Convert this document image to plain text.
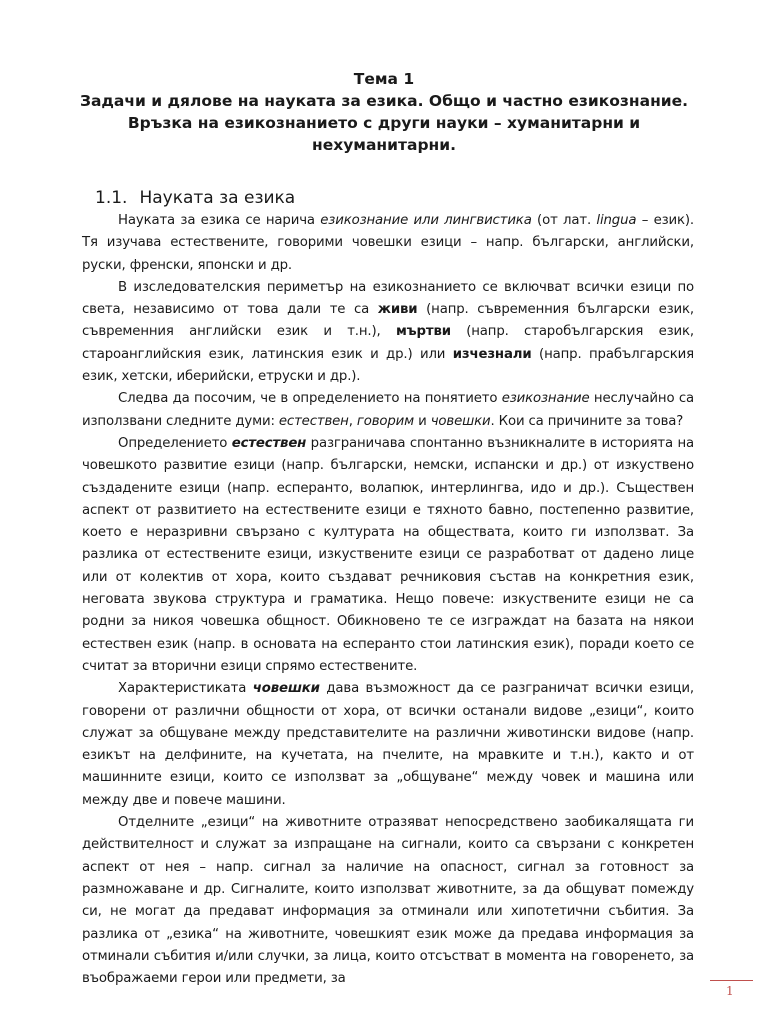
Тема 1
Задачи и дялове на науката за езика. Общо и частно езикознание.
Връзка на езикознанието с други науки – хуманитарни и
нехуманитарни.
1.1. Науката за езика

Науката за езика се нарича езикознание или лингвистика (от лат. lingua – език). Тя изучава естествените, говорими човешки езици – напр. български, английски, руски, френски, японски и др.

В изследователския периметър на езикознанието се включват всички езици по света, независимо от това дали те са живи (напр. съвременния български език, съвременния английски език и т.н.), мъртви (напр. старобългарския език, староанглийския език, латинския език и др.) или изчезнали (напр. прабългарския език, хетски, иберийски, етруски и др.).

Следва да посочим, че в определението на понятието езикознание неслучайно са използвани следните думи: естествен, говорим и човешки. Кои са причините за това?

Определението естествен разграничава спонтанно възникналите в историята на човешкото развитие езици (напр. български, немски, испански и др.) от изкуствено създадените езици (напр. есперанто, волапюк, интерлингва, идо и др.). Съществен аспект от развитието на естествените езици е тяхното бавно, постепенно развитие, което е неразривни свързано с културата на обществата, които ги използват. За разлика от естествените езици, изкуствените езици се разработват от дадено лице или от колектив от хора, които създават речниковия състав на конкретния език, неговата звукова структура и граматика. Нещо повече: изкуствените езици не са родни за никоя човешка общност. Обикновено те се изграждат на базата на някои естествен език (напр. в основата на есперанто стои латинския език), поради което се считат за вторични езици спрямо естествените.

Характеристиката човешки дава възможност да се разграничат всички езици, говорени от различни общности от хора, от всички останали видове „езици“, които служат за общуване между представителите на различни животински видове (напр. езикът на делфините, на кучетата, на пчелите, на мравките и т.н.), както и от машинните езици, които се използват за „общуване“ между човек и машина или между две и повече машини.

Отделните „езици“ на животните отразяват непосредствено заобикалящата ги действителност и служат за изпращане на сигнали, които са свързани с конкретен аспект от нея – напр. сигнал за наличие на опасност, сигнал за готовност за размножаване и др. Сигналите, които използват животните, за да общуват помежду си, не могат да предават информация за отминали или хипотетични събития. За разлика от „езика“ на животните, човешкият език може да предава информация за отминали събития и/или случки, за лица, които отсъстват в момента на говоренето, за въображаеми герои или предмети, за

1
